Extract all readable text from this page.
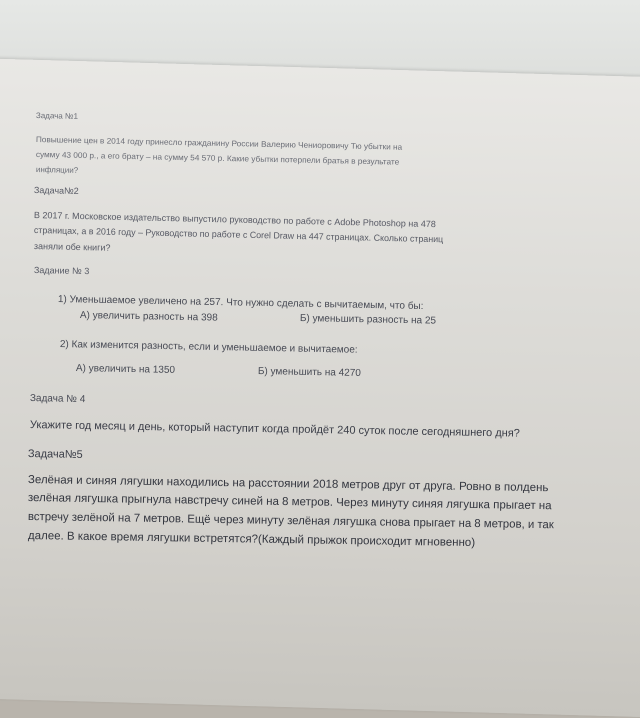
Задача №1

Повышение цен в 2014 году принесло гражданину России Валерию Чениоровичу Тю убытки на

сумму 43 000 р., а его брату – на сумму 54 570 р. Какие убытки потерпели братья в результате

инфляции?

Задача№2

В 2017 г. Московское издательство выпустило руководство по работе с Adobe Photoshop на 478

страницах, а в 2016 году – Руководство по работе с Corel Draw на 447 страницах. Сколько страниц

заняли обе книги?

Задание № 3

1) Уменьшаемое увеличено на 257. Что нужно сделать с вычитаемым, что бы:

А) увеличить разность на 398	Б) уменьшить разность на 25

2) Как изменится разность, если и уменьшаемое и вычитаемое:

А) увеличить на 1350	Б) уменьшить на 4270

Задача № 4

Укажите год месяц и день, который наступит когда пройдёт 240 суток после сегодняшнего дня?

Задача№5

Зелёная и синяя лягушки находились на расстоянии 2018 метров друг от друга. Ровно в полдень

зелёная лягушка прыгнула навстречу синей на 8 метров. Через минуту синяя лягушка прыгает на

встречу зелёной на 7 метров. Ещё через минуту зелёная лягушка снова прыгает на 8 метров, и так

далее. В какое время лягушки встретятся?(Каждый прыжок происходит мгновенно)
